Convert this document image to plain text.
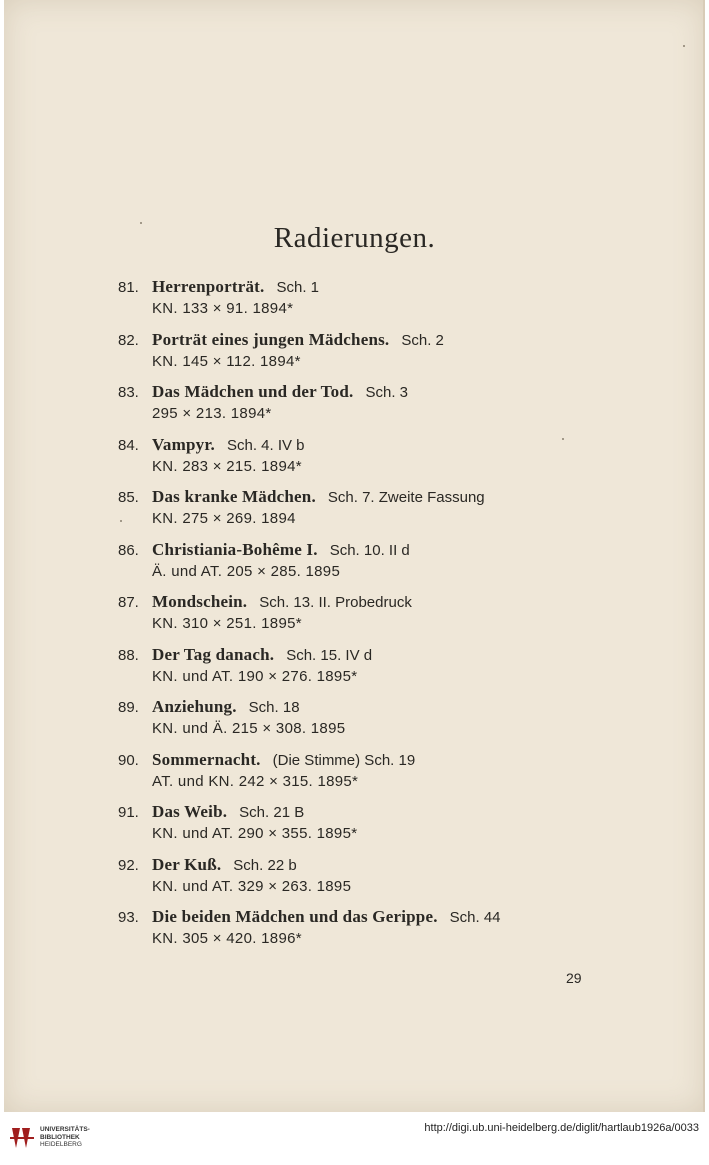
Radierungen.
81. Herrenporträt. Sch. 1
KN. 133 × 91. 1894*
82. Porträt eines jungen Mädchens. Sch. 2
KN. 145 × 112. 1894*
83. Das Mädchen und der Tod. Sch. 3
295 × 213. 1894*
84. Vampyr. Sch. 4. IV b
KN. 283 × 215. 1894*
85. Das kranke Mädchen. Sch. 7. Zweite Fassung
KN. 275 × 269. 1894
86. Christiania-Bohême I. Sch. 10. II d
Ä. und AT. 205 × 285. 1895
87. Mondschein. Sch. 13. II. Probedruck
KN. 310 × 251. 1895*
88. Der Tag danach. Sch. 15. IV d
KN. und AT. 190 × 276. 1895*
89. Anziehung. Sch. 18
KN. und Ä. 215 × 308. 1895
90. Sommernacht. (Die Stimme) Sch. 19
AT. und KN. 242 × 315. 1895*
91. Das Weib. Sch. 21 B
KN. und AT. 290 × 355. 1895*
92. Der Kuß. Sch. 22 b
KN. und AT. 329 × 263. 1895
93. Die beiden Mädchen und das Gerippe. Sch. 44
KN. 305 × 420. 1896*
29
UNIVERSITÄTS-
BIBLIOTHEK
HEIDELBERG
http://digi.ub.uni-heidelberg.de/diglit/hartlaub1926a/0033
